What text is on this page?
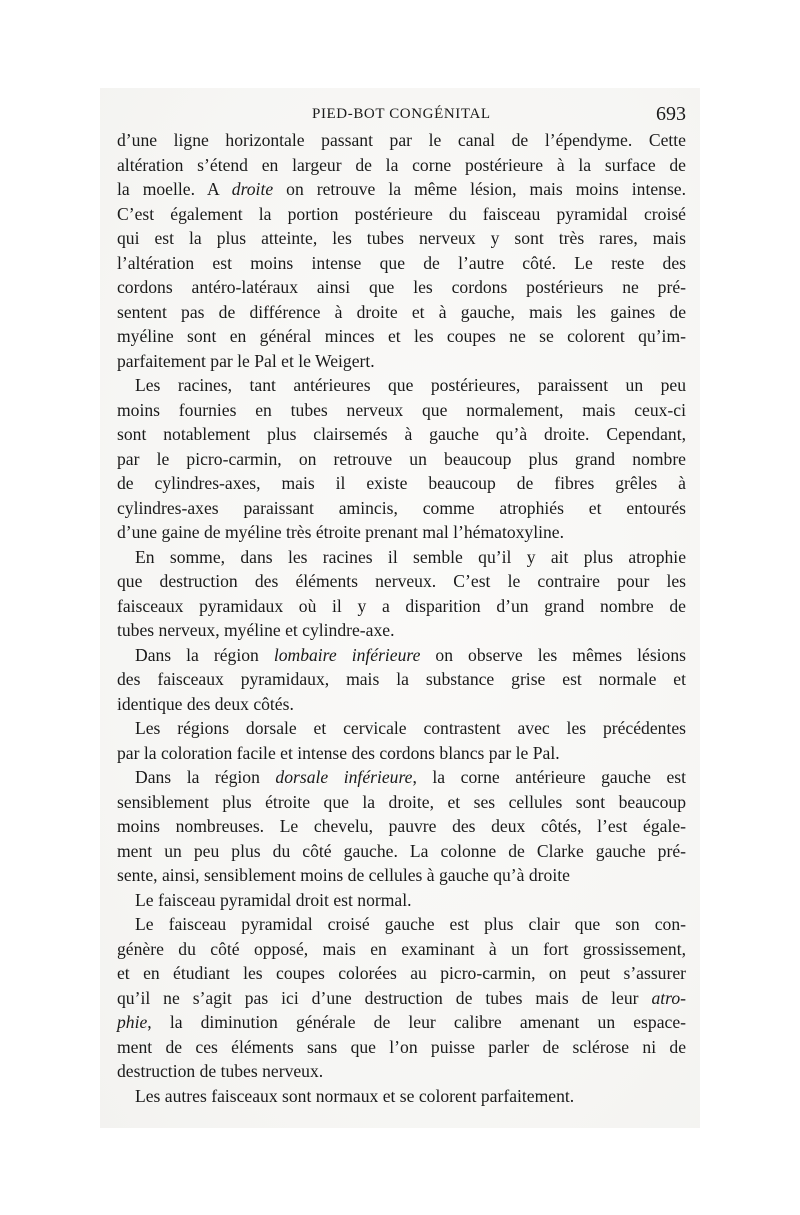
PIED-BOT CONGÉNITAL	693
d’une ligne horizontale passant par le canal de l’épendyme. Cette
altération s’étend en largeur de la corne postérieure à la surface de
la moelle. A droite on retrouve la même lésion, mais moins intense.
C’est également la portion postérieure du faisceau pyramidal croisé
qui est la plus atteinte, les tubes nerveux y sont très rares, mais
l’altération est moins intense que de l’autre côté. Le reste des
cordons antéro-latéraux ainsi que les cordons postérieurs ne pré-
sentent pas de différence à droite et à gauche, mais les gaines de
myéline sont en général minces et les coupes ne se colorent qu’im-
parfaitement par le Pal et le Weigert.
Les racines, tant antérieures que postérieures, paraissent un peu
moins fournies en tubes nerveux que normalement, mais ceux-ci
sont notablement plus clairsemés à gauche qu’à droite. Cependant,
par le picro-carmin, on retrouve un beaucoup plus grand nombre
de cylindres-axes, mais il existe beaucoup de fibres grêles à
cylindres-axes paraissant amincis, comme atrophiés et entourés
d’une gaine de myéline très étroite prenant mal l’hématoxyline.
En somme, dans les racines il semble qu’il y ait plus atrophie
que destruction des éléments nerveux. C’est le contraire pour les
faisceaux pyramidaux où il y a disparition d’un grand nombre de
tubes nerveux, myéline et cylindre-axe.
Dans la région lombaire inférieure on observe les mêmes lésions
des faisceaux pyramidaux, mais la substance grise est normale et
identique des deux côtés.
Les régions dorsale et cervicale contrastent avec les précédentes
par la coloration facile et intense des cordons blancs par le Pal.
Dans la région dorsale inférieure, la corne antérieure gauche est
sensiblement plus étroite que la droite, et ses cellules sont beaucoup
moins nombreuses. Le chevelu, pauvre des deux côtés, l’est égale-
ment un peu plus du côté gauche. La colonne de Clarke gauche pré-
sente, ainsi, sensiblement moins de cellules à gauche qu’à droite
Le faisceau pyramidal droit est normal.
Le faisceau pyramidal croisé gauche est plus clair que son con-
génère du côté opposé, mais en examinant à un fort grossissement,
et en étudiant les coupes colorées au picro-carmin, on peut s’assurer
qu’il ne s’agit pas ici d’une destruction de tubes mais de leur atro-
phie, la diminution générale de leur calibre amenant un espace-
ment de ces éléments sans que l’on puisse parler de sclérose ni de
destruction de tubes nerveux.
Les autres faisceaux sont normaux et se colorent parfaitement.
